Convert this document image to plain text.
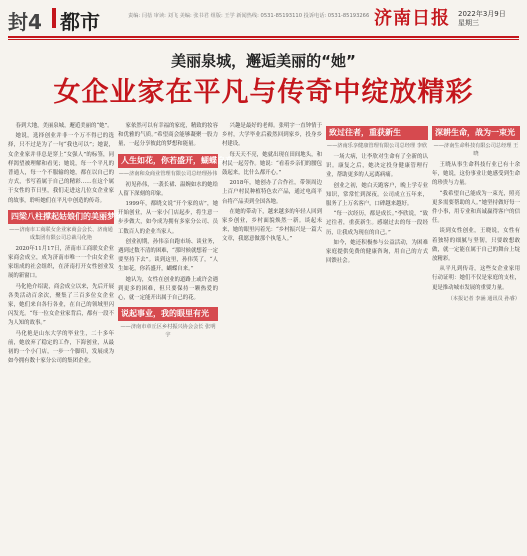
封4 都市	责编: 闫蓓 审读: 刘飞 美编: 张书君 组版: 王学 新闻热线: 0531-85193110 投诉电话: 0531-85193266 济南日报 2022年3月9日
星期三
美丽泉城，邂逅美丽的“她”
女企业家在平凡与传奇中绽放精彩

春到大地，美丽泉城，邂逅美丽的“她”。

她说，选择创业并非一个万不得已的选择，只不过是为了一句“我也可以”；她说，女企业家并非总是穿上“女强人”的标签，同样渴望被理解和看见；她说，每一个平凡的普通人，每一个不服输的她，都在以自己的方式，书写着属于自己的精彩……在这个属于女性的节日里，我们走进这几位女企业家的故事，聆听她们在平凡中创造的传奇。

四梁八柱撑起姑娘们的美丽梦想
——济南市工商联女企业家商会会长、济南通成集团有限公司总裁马化艳

2020年11月17日，济南市工商联女企业家商会成立，成为济南市唯一一个由女企业家组成的社会组织，在济南打开女性创业发展的新窗口。

马化艳介绍说，商会成立以来，先后开展各类活动百余次，聚集了三百多位女企业家，她们来自各行各业，在自己的领域里闪闪发光。“每一位女企业家背后，都有一段不为人知的故事。”

马化艳是山东大学的毕业生，二十多年前，她放弃了稳定的工作，下海创业，从最初的一个小门店，一步一个脚印，发展成为如今拥有数十家分公司的集团企业。

家依然可以有幸福的家庭，精致的妆容和优雅的气质。”希望商会能够凝聚一股力量，一起分享彼此的梦想和能量。

人生如花，你若盛开，蝴蝶自来
——济南和众商业管理有限公司总经理孙伟

初见孙伟，一袭长裙、温婉如水的她给人留下深刻的印象。

1999年，都晓文说“开个家的店”，她开始创业，从一家小门店起步，将生意一步步做大，如今成为拥有多家分公司、员工数百人的企业当家人。

创业初期，孙伟亲自跑市场、谈业务，遇到过数不清的困难，“那时候就想着一定要坚持下去”。谈到这里，孙伟笑了，“人生如花，你若盛开，蝴蝶自来。”

她认为，女性在创业的道路上或许会遇到更多的困难，但只要保持一颗热爱的心，就一定能开出属于自己的花。

说起事业，我的眼里有光
——济南市章丘区乡村振兴协会会长 张明宇

兴趣是最好的老师。张明宇一直钟情于乡村，大学毕业后毅然回到家乡，投身乡村建设。

每天天不亮，她就出现在田间地头，和村民一起劳作。她说：“看着乡亲们的腰包鼓起来，比什么都开心。”

2018年，她创办了合作社，带领周边上百户村民种植特色农产品，通过电商平台将产品卖到全国各地。

在她的带动下，越来越多的年轻人回到家乡创业，乡村面貌焕然一新。谈起未来，她的眼里闪着光：“乡村振兴是一篇大文章，我愿意做那个执笔人。”

致过往者，重获新生
——济南乐享健康管理有限公司总经理 李欣

一场大病，让李欣对生命有了全新的认识。康复之后，她决定投身健康管理行业，帮助更多的人远离病痛。

创业之初，她白天跑客户，晚上学专业知识，常常忙到深夜。公司成立五年来，服务了上万名客户，口碑越来越好。

“每一次经历，都是成长。”李欣说，“致过往者，重获新生。感谢过去的每一段经历，让我成为现在的自己。”

如今，她还积极参与公益活动，为困难家庭提供免费的健康咨询，用自己的方式回馈社会。

深耕生命，战为一束光
——济南生命科技有限公司总经理 王晓

王晓从事生命科技行业已有十余年，她说，这份事业让她感受到生命的珍贵与力量。

“我希望自己能成为一束光，照亮更多需要帮助的人。”她坚持做好每一件小事，用专业和真诚赢得客户的信任。

谈到女性创业，王晓说，女性有着独特的细腻与坚韧，只要敢想敢做，就一定能在属于自己的舞台上绽放精彩。

从平凡到传奇，这些女企业家用行动证明：她们不仅是家庭的支柱，更是推动城市发展的重要力量。

（本报记者 李涵 通讯员 孙睿）
